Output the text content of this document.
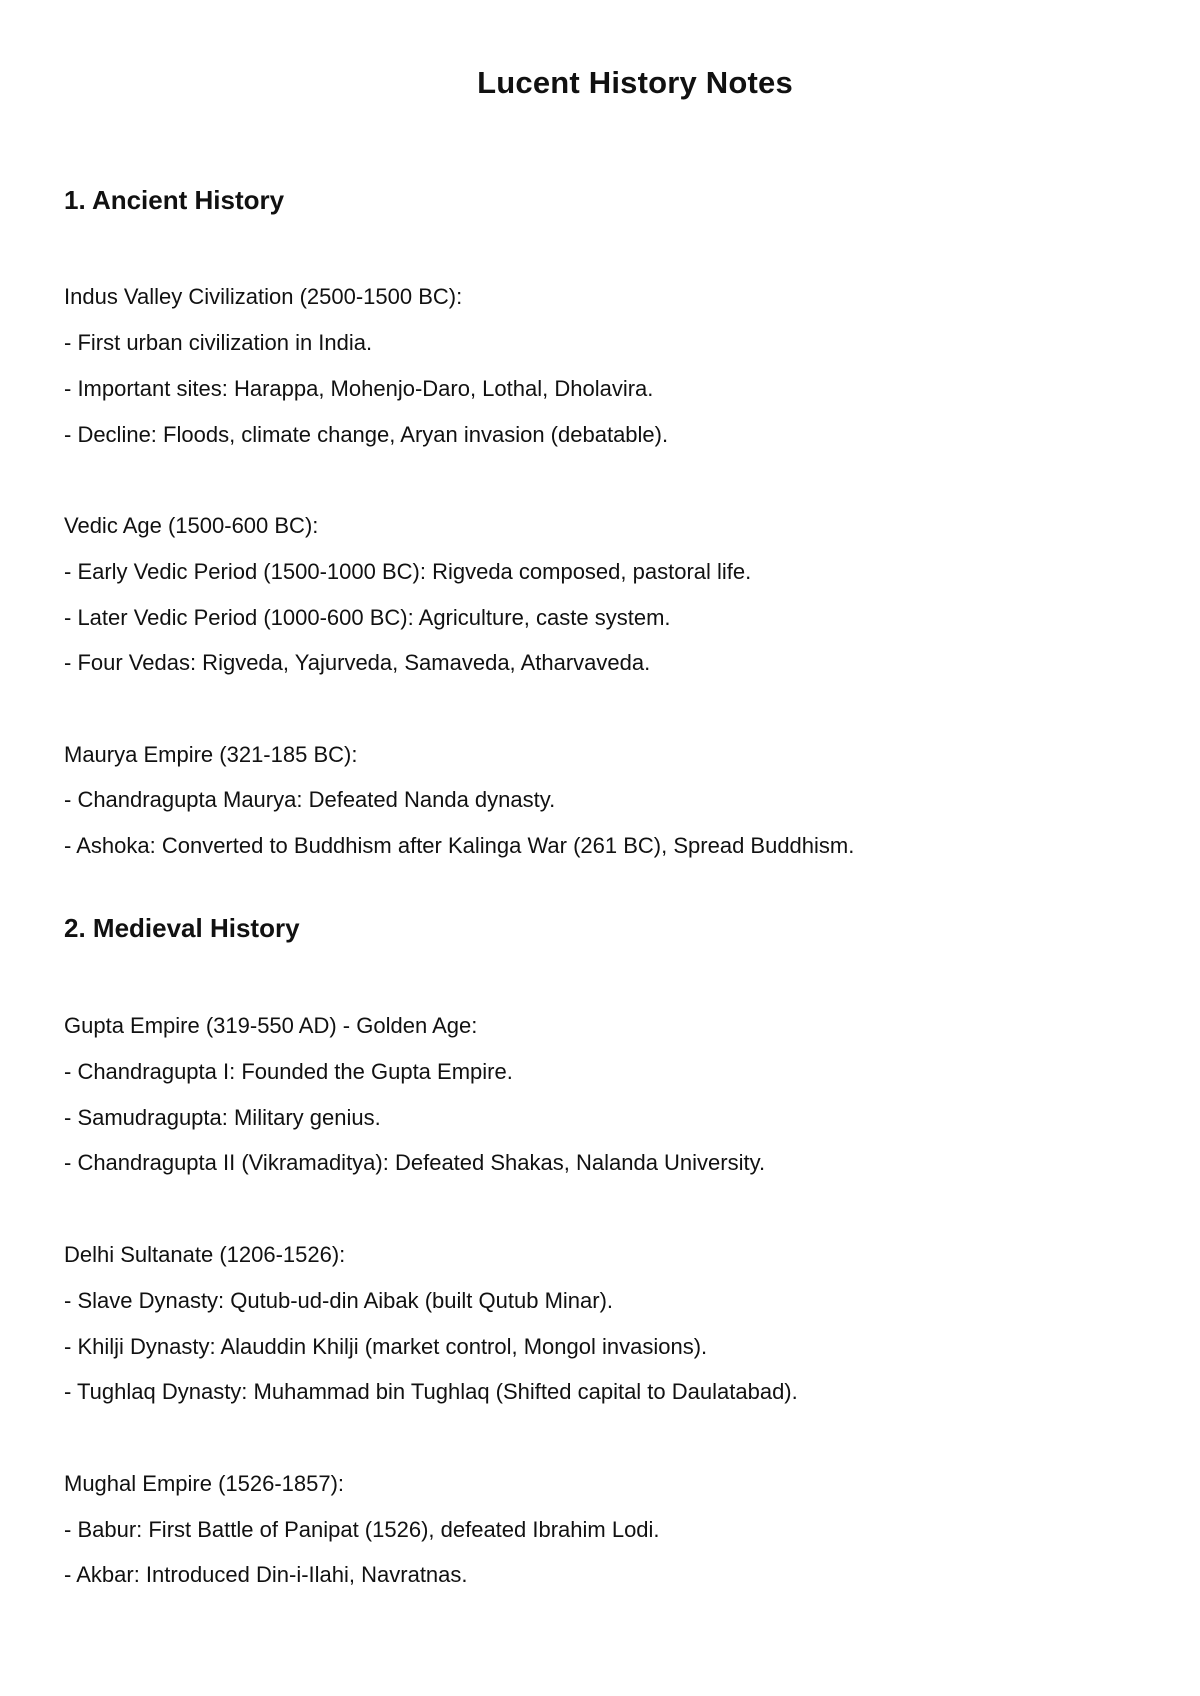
Lucent History Notes
1. Ancient History

Indus Valley Civilization (2500-1500 BC):

- First urban civilization in India.

- Important sites: Harappa, Mohenjo-Daro, Lothal, Dholavira.

- Decline: Floods, climate change, Aryan invasion (debatable).

Vedic Age (1500-600 BC):

- Early Vedic Period (1500-1000 BC): Rigveda composed, pastoral life.

- Later Vedic Period (1000-600 BC): Agriculture, caste system.

- Four Vedas: Rigveda, Yajurveda, Samaveda, Atharvaveda.

Maurya Empire (321-185 BC):

- Chandragupta Maurya: Defeated Nanda dynasty.

- Ashoka: Converted to Buddhism after Kalinga War (261 BC), Spread Buddhism.

2. Medieval History

Gupta Empire (319-550 AD) - Golden Age:

- Chandragupta I: Founded the Gupta Empire.

- Samudragupta: Military genius.

- Chandragupta II (Vikramaditya): Defeated Shakas, Nalanda University.

Delhi Sultanate (1206-1526):

- Slave Dynasty: Qutub-ud-din Aibak (built Qutub Minar).

- Khilji Dynasty: Alauddin Khilji (market control, Mongol invasions).

- Tughlaq Dynasty: Muhammad bin Tughlaq (Shifted capital to Daulatabad).

Mughal Empire (1526-1857):

- Babur: First Battle of Panipat (1526), defeated Ibrahim Lodi.

- Akbar: Introduced Din-i-Ilahi, Navratnas.
